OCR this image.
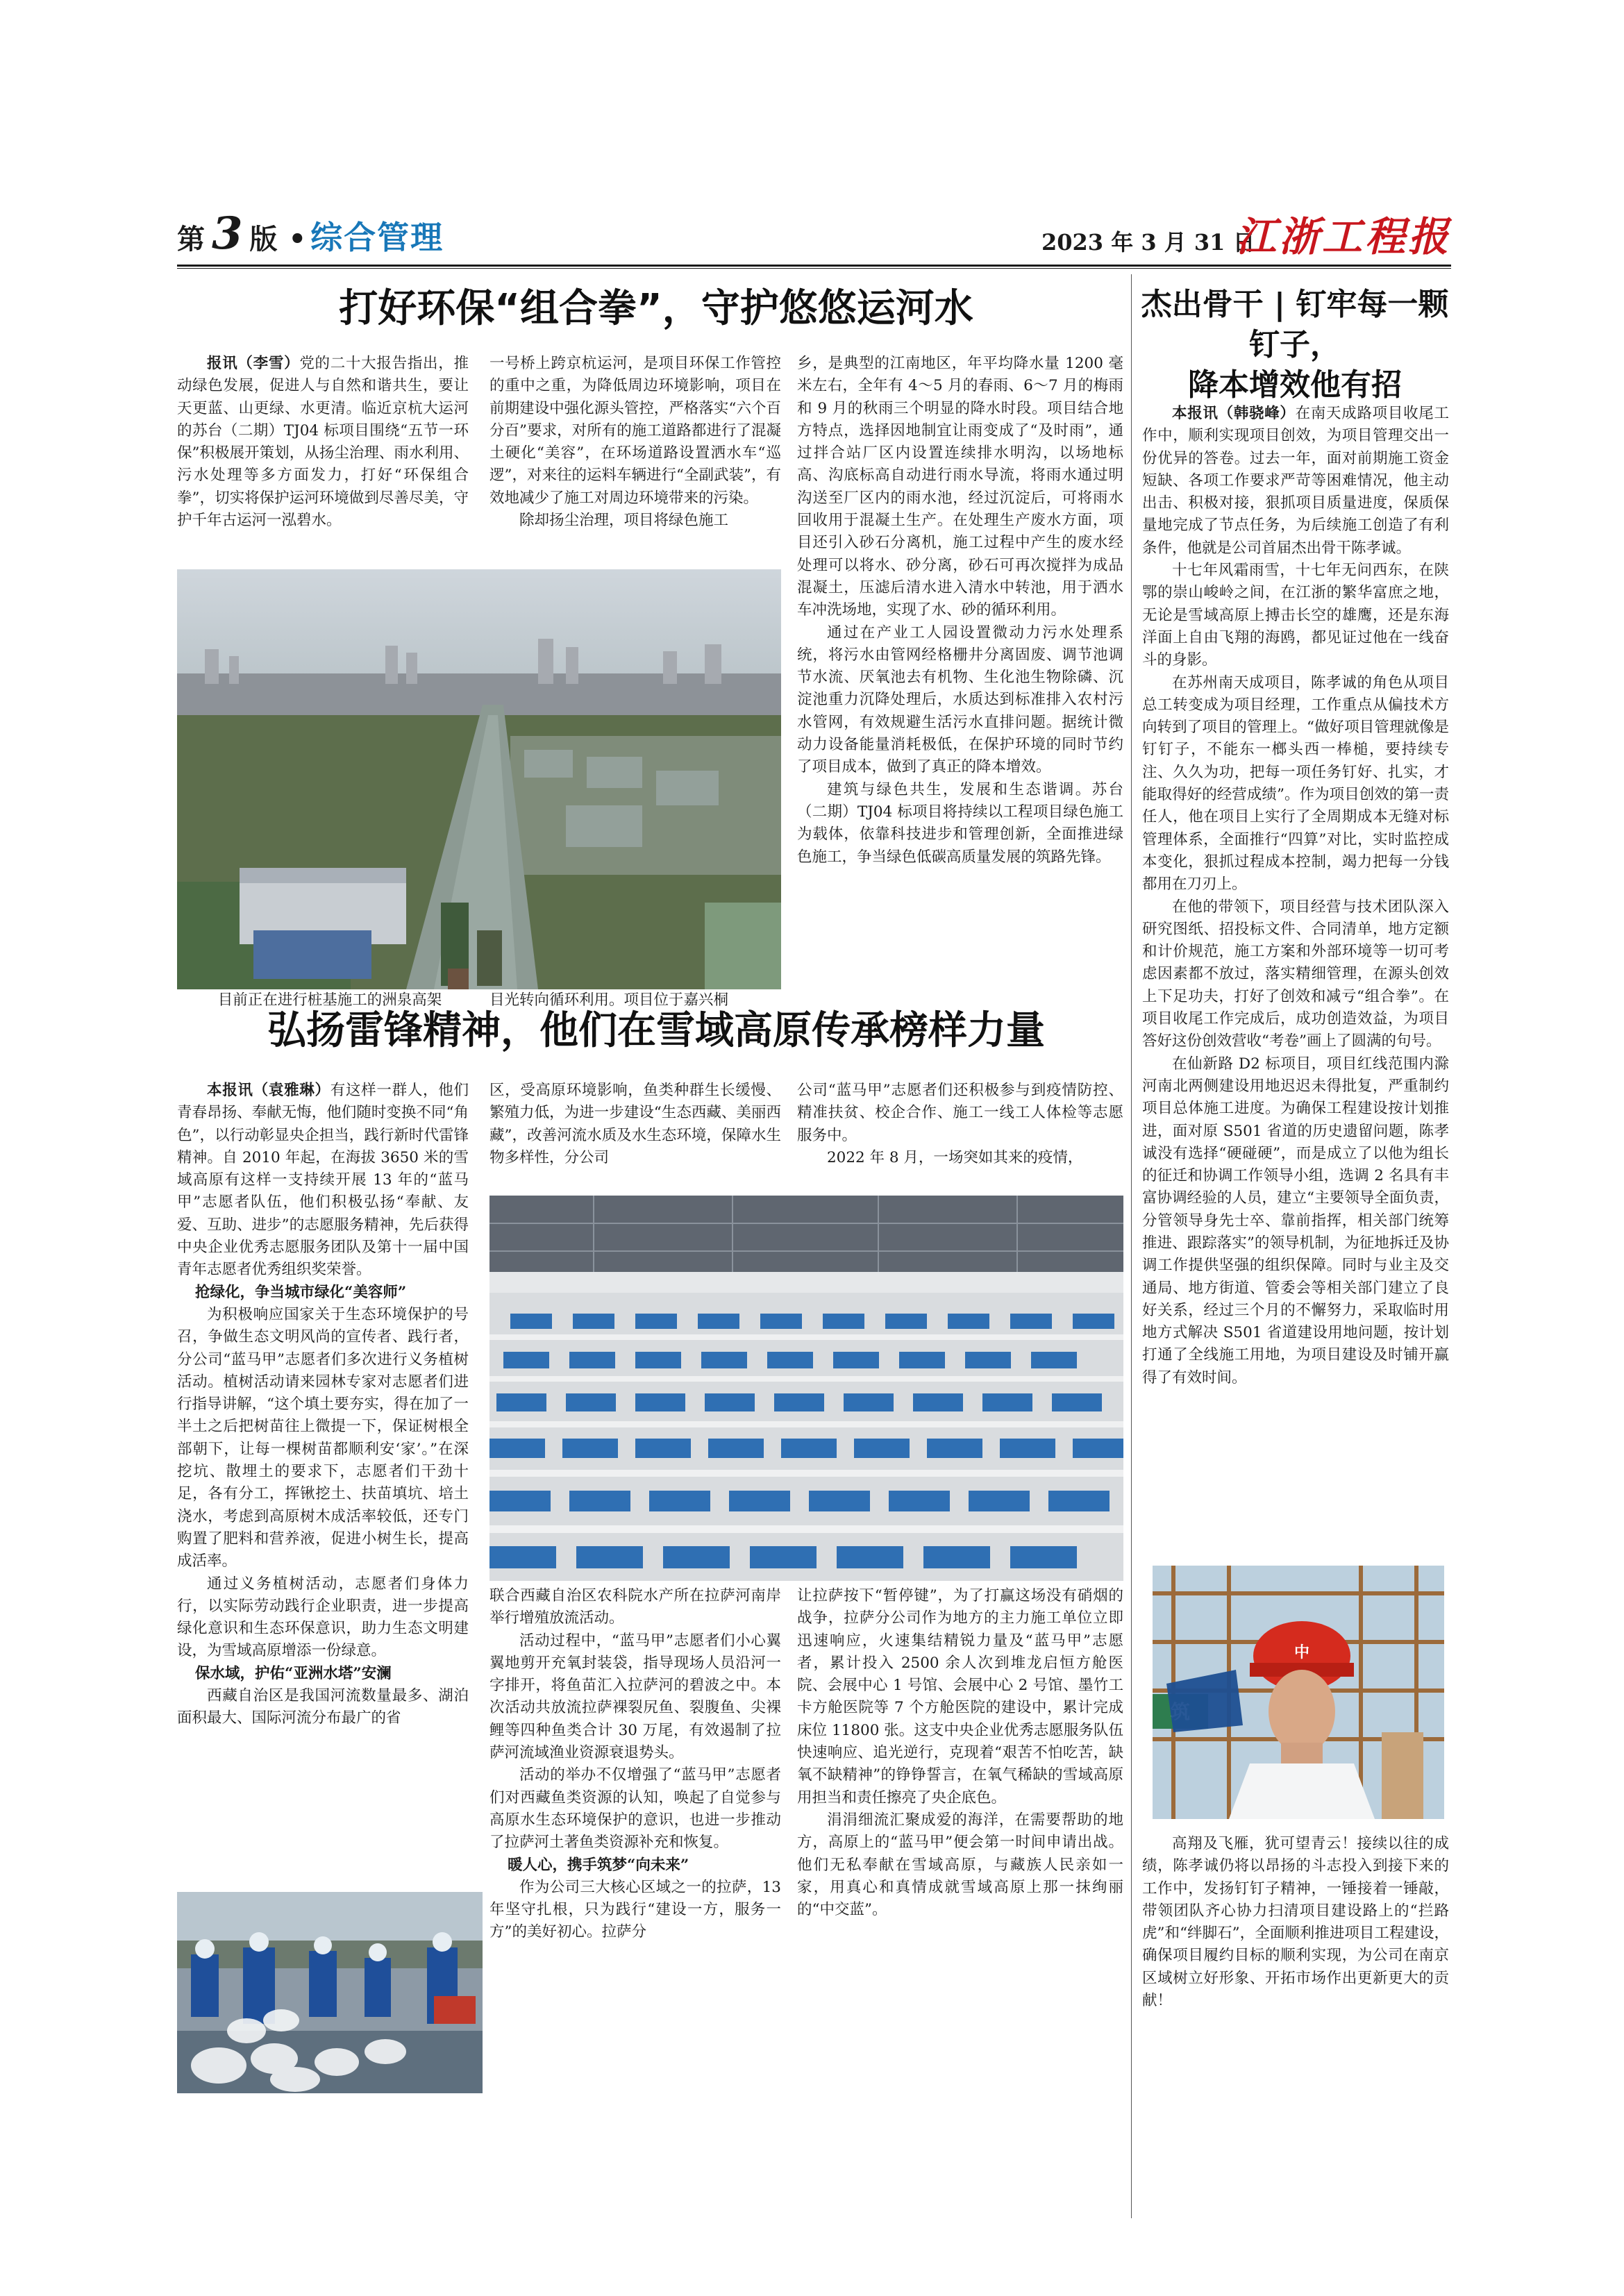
第 3 版 • 综合管理	2023 年 3 月 31 日
江浙工程报
打好环保“组合拳”，守护悠悠运河水

报讯（李雪）党的二十大报告指出，推动绿色发展，促进人与自然和谐共生，要让天更蓝、山更绿、水更清。临近京杭大运河的苏台（二期）TJ04 标项目围绕“五节一环保”积极展开策划，从扬尘治理、雨水利用、污水处理等多方面发力，打好“环保组合拳”，切实将保护运河环境做到尽善尽美，守护千年古运河一泓碧水。

一号桥上跨京杭运河，是项目环保工作管控的重中之重，为降低周边环境影响，项目在前期建设中强化源头管控，严格落实“六个百分百”要求，对所有的施工道路都进行了混凝土硬化“美容”，在环场道路设置洒水车“巡逻”，对来往的运料车辆进行“全副武装”，有效地减少了施工对周边环境带来的污染。

除却扬尘治理，项目将绿色施工

乡，是典型的江南地区，年平均降水量 1200 毫米左右，全年有 4～5 月的春雨、6～7 月的梅雨和 9 月的秋雨三个明显的降水时段。项目结合地方特点，选择因地制宜让雨变成了“及时雨”，通过拌合站厂区内设置连续排水明沟，以场地标高、沟底标高自动进行雨水导流，将雨水通过明沟送至厂区内的雨水池，经过沉淀后，可将雨水回收用于混凝土生产。在处理生产废水方面，项目还引入砂石分离机，施工过程中产生的废水经处理可以将水、砂分离，砂石可再次搅拌为成品混凝土，压滤后清水进入清水中转池，用于洒水车冲洗场地，实现了水、砂的循环利用。

通过在产业工人园设置微动力污水处理系统，将污水由管网经格栅井分离固废、调节池调节水流、厌氧池去有机物、生化池生物除磷、沉淀池重力沉降处理后，水质达到标准排入农村污水管网，有效规避生活污水直排问题。据统计微动力设备能量消耗极低，在保护环境的同时节约了项目成本，做到了真正的降本增效。

建筑与绿色共生，发展和生态谐调。苏台（二期）TJ04 标项目将持续以工程项目绿色施工为载体，依靠科技进步和管理创新，全面推进绿色施工，争当绿色低碳高质量发展的筑路先锋。

目前正在进行桩基施工的洲泉高架	目光转向循环利用。项目位于嘉兴桐

弘扬雷锋精神，他们在雪域高原传承榜样力量

本报讯（袁雅琳）有这样一群人，他们青春昂扬、奉献无悔，他们随时变换不同“角色”，以行动彰显央企担当，践行新时代雷锋精神。自 2010 年起，在海拔 3650 米的雪域高原有这样一支持续开展 13 年的“蓝马甲”志愿者队伍，他们积极弘扬“奉献、友爱、互助、进步”的志愿服务精神，先后获得中央企业优秀志愿服务团队及第十一届中国青年志愿者优秀组织奖荣誉。

抢绿化，争当城市绿化“美容师”

为积极响应国家关于生态环境保护的号召，争做生态文明风尚的宣传者、践行者，分公司“蓝马甲”志愿者们多次进行义务植树活动。植树活动请来园林专家对志愿者们进行指导讲解，“这个填土要夯实，得在加了一半土之后把树苗往上微提一下，保证树根全部朝下，让每一棵树苗都顺利安‘家’。”在深挖坑、散埋土的要求下，志愿者们干劲十足，各有分工，挥锹挖土、扶苗填坑、培土浇水，考虑到高原树木成活率较低，还专门购置了肥料和营养液，促进小树生长，提高成活率。

通过义务植树活动，志愿者们身体力行，以实际劳动践行企业职责，进一步提高绿化意识和生态环保意识，助力生态文明建设，为雪域高原增添一份绿意。

保水域，护佑“亚洲水塔”安澜

西藏自治区是我国河流数量最多、湖泊面积最大、国际河流分布最广的省

区，受高原环境影响，鱼类种群生长缓慢、繁殖力低，为进一步建设“生态西藏、美丽西藏”，改善河流水质及水生态环境，保障水生物多样性，分公司

公司“蓝马甲”志愿者们还积极参与到疫情防控、精准扶贫、校企合作、施工一线工人体检等志愿服务中。

2022 年 8 月，一场突如其来的疫情，

联合西藏自治区农科院水产所在拉萨河南岸举行增殖放流活动。

活动过程中，“蓝马甲”志愿者们小心翼翼地剪开充氧封装袋，指导现场人员沿河一字排开，将鱼苗汇入拉萨河的碧波之中。本次活动共放流拉萨裸裂尻鱼、裂腹鱼、尖裸鲤等四种鱼类合计 30 万尾，有效遏制了拉萨河流域渔业资源衰退势头。

活动的举办不仅增强了“蓝马甲”志愿者们对西藏鱼类资源的认知，唤起了自觉参与高原水生态环境保护的意识，也进一步推动了拉萨河土著鱼类资源补充和恢复。

暖人心，携手筑梦“向未来”

作为公司三大核心区域之一的拉萨，13 年坚守扎根，只为践行“建设一方，服务一方”的美好初心。拉萨分

让拉萨按下“暂停键”，为了打赢这场没有硝烟的战争，拉萨分公司作为地方的主力施工单位立即迅速响应，火速集结精锐力量及“蓝马甲”志愿者，累计投入 2500 余人次到堆龙启恒方舱医院、会展中心 1 号馆、会展中心 2 号馆、墨竹工卡方舱医院等 7 个方舱医院的建设中，累计完成床位 11800 张。这支中央企业优秀志愿服务队伍快速响应、追光逆行，克现着“艰苦不怕吃苦，缺氧不缺精神”的铮铮誓言，在氧气稀缺的雪域高原用担当和责任擦亮了央企底色。

涓涓细流汇聚成爱的海洋，在需要帮助的地方，高原上的“蓝马甲”便会第一时间申请出战。他们无私奉献在雪域高原，与藏族人民亲如一家，用真心和真情成就雪域高原上那一抹绚丽的“中交蓝”。

杰出骨干 | 钉牢每一颗钉子，
降本增效他有招

本报讯（韩骁峰）在南天成路项目收尾工作中，顺利实现项目创效，为项目管理交出一份优异的答卷。过去一年，面对前期施工资金短缺、各项工作要求严苛等困难情况，他主动出击、积极对接，狠抓项目质量进度，保质保量地完成了节点任务，为后续施工创造了有利条件，他就是公司首届杰出骨干陈孝诚。

十七年风霜雨雪，十七年无问西东，在陕鄂的崇山峻岭之间，在江浙的繁华富庶之地，无论是雪域高原上搏击长空的雄鹰，还是东海洋面上自由飞翔的海鸥，都见证过他在一线奋斗的身影。

在苏州南天成项目，陈孝诚的角色从项目总工转变成为项目经理，工作重点从偏技术方向转到了项目的管理上。“做好项目管理就像是钉钉子，不能东一榔头西一棒槌，要持续专注、久久为功，把每一项任务钉好、扎实，才能取得好的经营成绩”。作为项目创效的第一责任人，他在项目上实行了全周期成本无缝对标管理体系，全面推行“四算”对比，实时监控成本变化，狠抓过程成本控制，竭力把每一分钱都用在刀刃上。

在他的带领下，项目经营与技术团队深入研究图纸、招投标文件、合同清单，地方定额和计价规范，施工方案和外部环境等一切可考虑因素都不放过，落实精细管理，在源头创效上下足功夫，打好了创效和减亏“组合拳”。在项目收尾工作完成后，成功创造效益，为项目答好这份创效营收“考卷”画上了圆满的句号。

在仙新路 D2 标项目，项目红线范围内滁河南北两侧建设用地迟迟未得批复，严重制约项目总体施工进度。为确保工程建设按计划推进，面对原 S501 省道的历史遗留问题，陈孝诚没有选择“硬碰硬”，而是成立了以他为组长的征迁和协调工作领导小组，选调 2 名具有丰富协调经验的人员，建立“主要领导全面负责，分管领导身先士卒、靠前指挥，相关部门统筹推进、跟踪落实”的领导机制，为征地拆迁及协调工作提供坚强的组织保障。同时与业主及交通局、地方街道、管委会等相关部门建立了良好关系，经过三个月的不懈努力，采取临时用地方式解决 S501 省道建设用地问题，按计划打通了全线施工用地，为项目建设及时铺开赢得了有效时间。

中

高翔及飞雁，犹可望青云！接续以往的成绩，陈孝诚仍将以昂扬的斗志投入到接下来的工作中，发扬钉钉子精神，一锤接着一锤敲，带领团队齐心协力扫清项目建设路上的“拦路虎”和“绊脚石”，全面顺利推进项目工程建设，确保项目履约目标的顺利实现，为公司在南京区域树立好形象、开拓市场作出更新更大的贡献！
